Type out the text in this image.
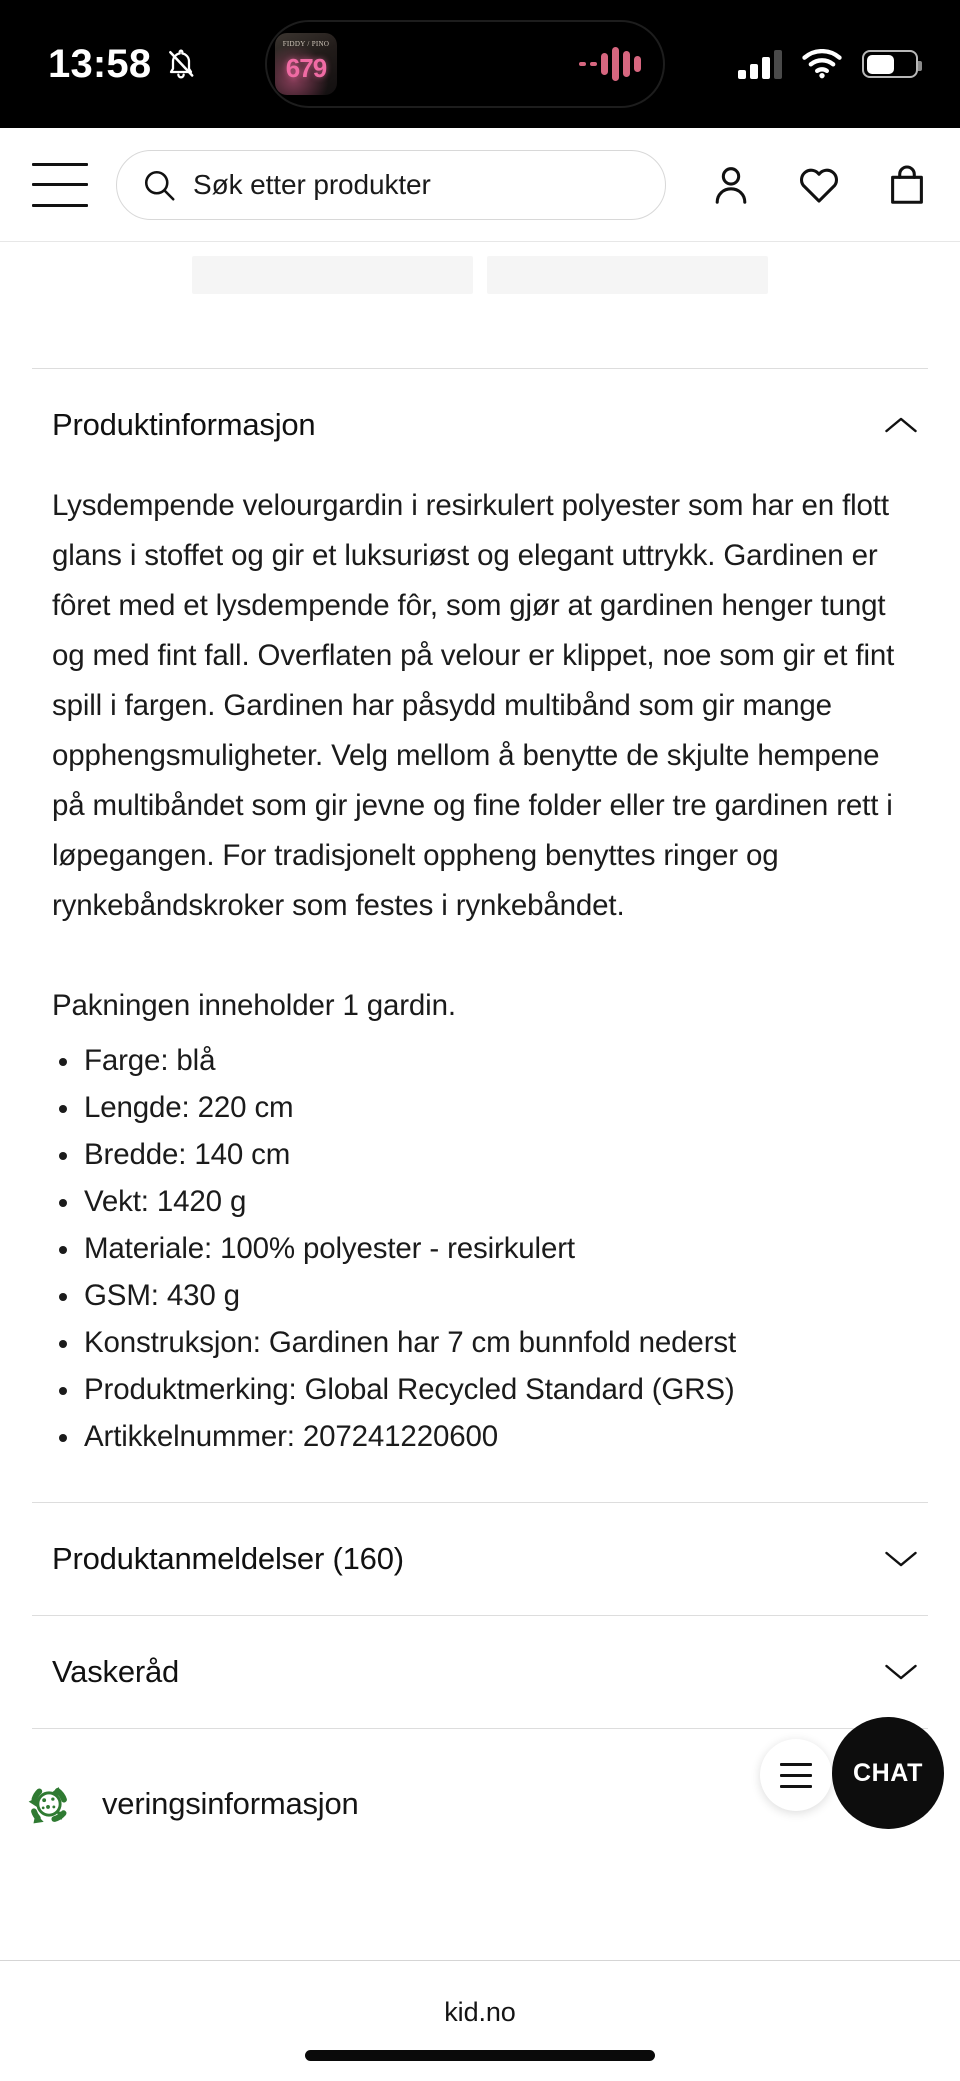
13:58	FIDDY / PINO
679
Søk etter produkter
Produktinformasjon
Lysdempende velourgardin i resirkulert polyester som har en flott glans i stoffet og gir et luksuriøst og elegant uttrykk. Gardinen er fôret med et lysdempende fôr, som gjør at gardinen henger tungt og med fint fall. Overflaten på velour er klippet, noe som gir et fint spill i fargen. Gardinen har påsydd multibånd som gir mange opphengsmuligheter. Velg mellom å benytte de skjulte hempene på multibåndet som gir jevne og fine folder eller tre gardinen rett i løpegangen. For tradisjonelt oppheng benyttes ringer og rynkebåndskroker som festes i rynkebåndet.
Pakningen inneholder 1 gardin.
Farge: blå
Lengde: 220 cm
Bredde: 140 cm
Vekt: 1420 g
Materiale: 100% polyester - resirkulert
GSM: 430 g
Konstruksjon: Gardinen har 7 cm bunnfold nederst
Produktmerking: Global Recycled Standard (GRS)
Artikkelnummer: 207241220600
Produktanmeldelser (160)
Vaskeråd
veringsinformasjon
CHAT
kid.no
